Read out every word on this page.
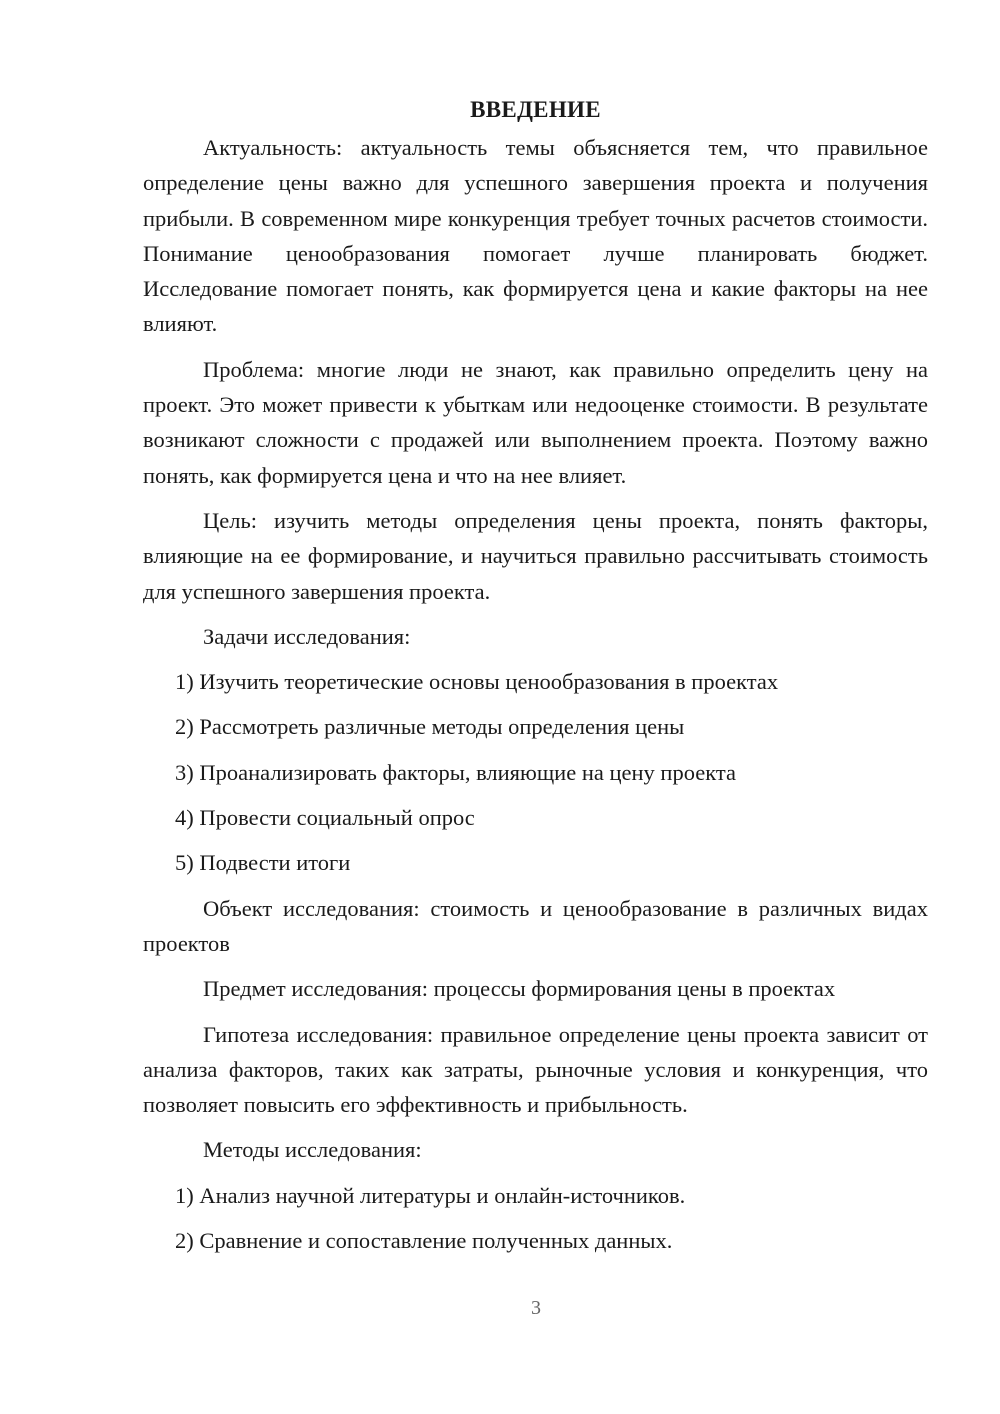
ВВЕДЕНИЕ

Актуальность: актуальность темы объясняется тем, что правильное определение цены важно для успешного завершения проекта и получения прибыли. В современном мире конкуренция требует точных расчетов стоимости. Понимание ценообразования помогает лучше планировать бюджет. Исследование помогает понять, как формируется цена и какие факторы на нее влияют.

Проблема: многие люди не знают, как правильно определить цену на проект. Это может привести к убыткам или недооценке стоимости. В результате возникают сложности с продажей или выполнением проекта. Поэтому важно понять, как формируется цена и что на нее влияет.

Цель: изучить методы определения цены проекта, понять факторы, влияющие на ее формирование, и научиться правильно рассчитывать стоимость для успешного завершения проекта.

Задачи исследования:

1) Изучить теоретические основы ценообразования в проектах

2) Рассмотреть различные методы определения цены

3) Проанализировать факторы, влияющие на цену проекта

4) Провести социальный опрос

5) Подвести итоги

Объект исследования: стоимость и ценообразование в различных видах проектов

Предмет исследования: процессы формирования цены в проектах

Гипотеза исследования: правильное определение цены проекта зависит от анализа факторов, таких как затраты, рыночные условия и конкуренция, что позволяет повысить его эффективность и прибыльность.

Методы исследования:

1) Анализ научной литературы и онлайн-источников.

2) Сравнение и сопоставление полученных данных.

3
